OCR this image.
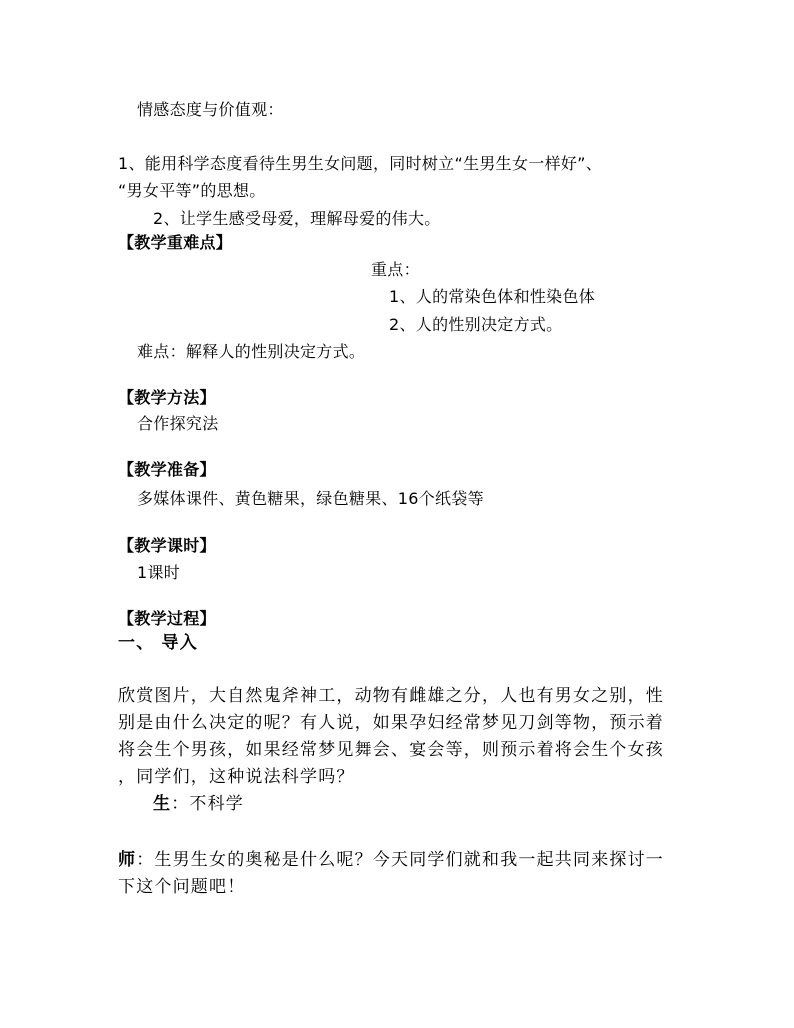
情感态度与价值观：
1、能用科学态度看待生男生女问题，同时树立“生男生女一样好”、
“男女平等”的思想。
2、让学生感受母爱，理解母爱的伟大。
【教学重难点】
重点：
1、人的常染色体和性染色体
2、人的性别决定方式。
难点：解释人的性别决定方式。
【教学方法】
合作探究法
【教学准备】
多媒体课件、黄色糖果，绿色糖果、16个纸袋等
【教学课时】
1课时
【教学过程】
一、 导入
欣赏图片，大自然鬼斧神工，动物有雌雄之分，人也有男女之别，性
别是由什么决定的呢？有人说，如果孕妇经常梦见刀剑等物，预示着
将会生个男孩，如果经常梦见舞会、宴会等，则预示着将会生个女孩
，同学们，这种说法科学吗？
生：不科学
师：生男生女的奥秘是什么呢？今天同学们就和我一起共同来探讨一
下这个问题吧！
